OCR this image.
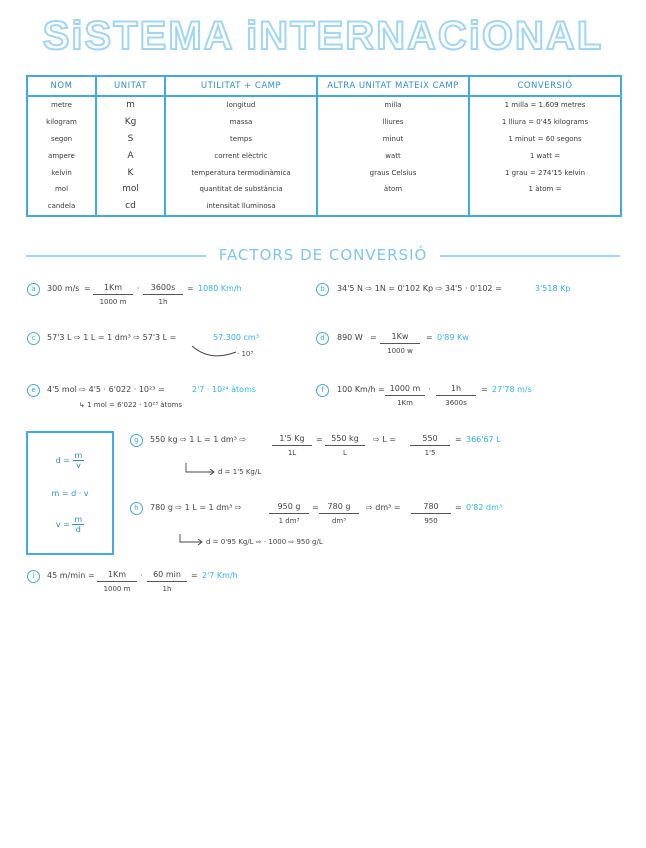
SiSTEMA iNTERNACiONAL
NOM	UNITAT	UTILITAT + CAMP	ALTRA UNITAT MATEIX CAMP	CONVERSIÓ
metre	m	longitud	milla	1 milla = 1.609 metres
kilogram	Kg	massa	lliures	1 lliura = 0'45 kilograms
segon	S	temps	minut	1 minut = 60 segons
ampere	A	corrent elèctric	watt	1 watt =
kelvin	K	temperatura termodinàmica	graus Celsius	1 grau = 274'15 kelvin
mol	mol	quantitat de substància	àtom	1 àtom =
candela	cd	intensitat lluminosa		
FACTORS DE CONVERSIÓ
a	300 $m/s = \frac{1Km}{1000 m} \cdot \frac{3600s}{1h} = 1080$ Km/h	b	34'5 N ⇨ 1N = 0'102 Kp ⇨ 34'5 · 0'102 =	3'518 Kp
c	57'3 L ⇨ 1 L = 1 dm³ ⇨ 57'3 L =	57.300 cm³
· 10³
d	890 $W = \frac{1Kw}{1000 w} = 0'89$ Kw
e	4'5 mol ⇨ 4'5 · 6'022 · 10²³ =	2'7 · 10²⁴ àtoms
↳ 1 mol = 6'022 · 10²³ àtoms
f	100 $Km/h = \frac{1000 m}{1Km} \cdot \frac{1h}{3600s} = 27'78$ m/s
$d = \frac{m}{v}$
m = d · v
$v = \frac{m}{d}$
g	550 kg ⇨ 1 L = 1 dm³ ⇨	$\frac{1'5 Kg}{1L} = \frac{550 kg}{L}$ ⇨ $L = \frac{550}{1'5} = 366'67$ L
d = 1'5 Kg/L
h	780 g ⇨ 1 L = 1 dm³ ⇨	$\frac{950 g}{\text{1 dm³}} = \frac{780 g}{\text{dm³}}$ ⇨ $dm^3 = \frac{780}{950} = 0'82$ dm³
d = 0'95 Kg/L ⇨ · 1000 ⇨ 950 g/L
i	45 $m/\min = \frac{1Km}{1000 m}$ ·	60 min
1h
= 2'7 Km/h
